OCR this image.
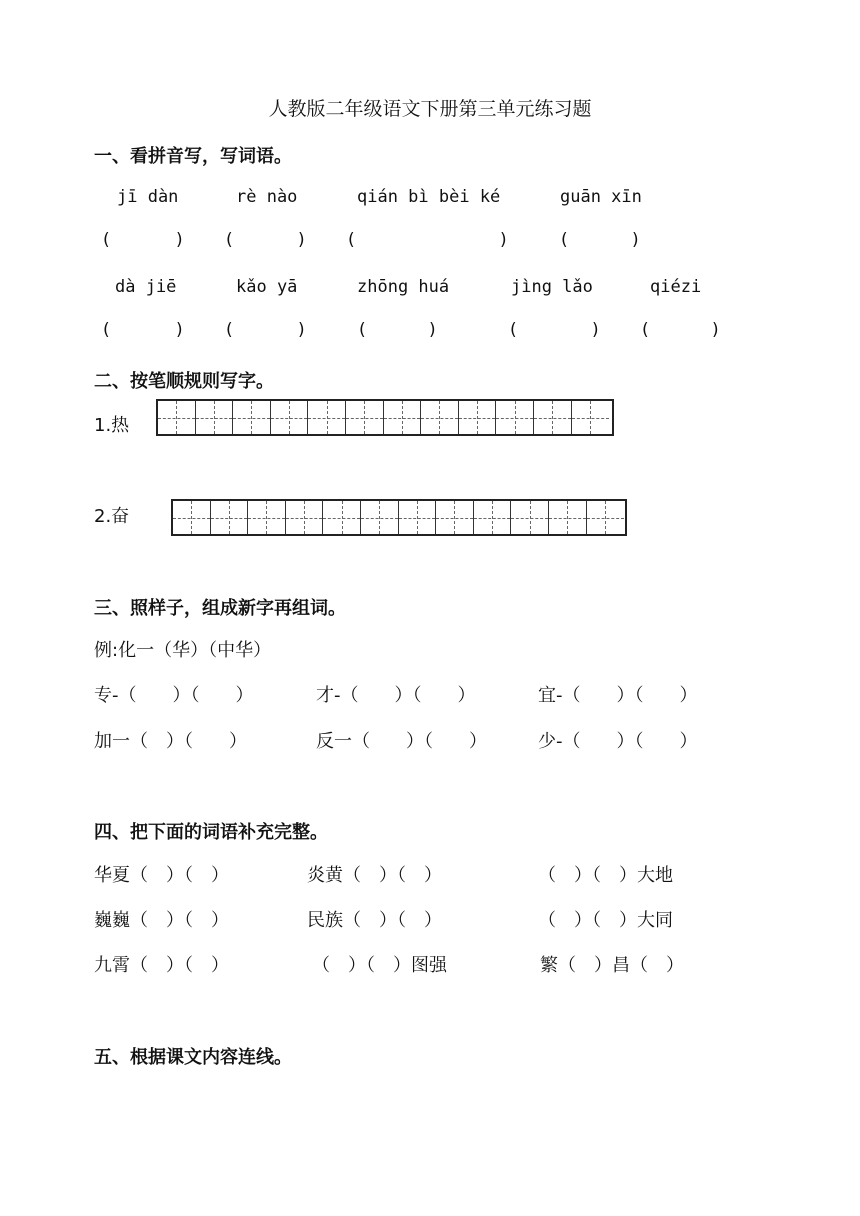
人教版二年级语文下册第三单元练习题
一、看拼音写，写词语。
jī dàn	rè nào	qián bì bèi ké	guān xīn
(	)	(	)	(	)	(	)
dà jiē	kǎo yā	zhōng huá	jìng lǎo	qiézi
(	)	(	)	(	)	(	)	(	)
二、按笔顺规则写字。
1.热
2.奋
三、照样子，组成新字再组词。
例:化一（华）（中华）
专-（　　）（　　）	才-（　　）（　　）	宜-（　　）（　　）
加一（　）（　　）	反一（　　）（　　）	少-（　　）（　　）
四、把下面的词语补充完整。
华夏（　）（　）	炎黄（　）（　）	（　）（　）大地
巍巍（　）（　）	民族（　）（　）	（　）（　）大同
九霄（　）（　）	（　）（　）图强	繁（　）昌（　）
五、根据课文内容连线。
